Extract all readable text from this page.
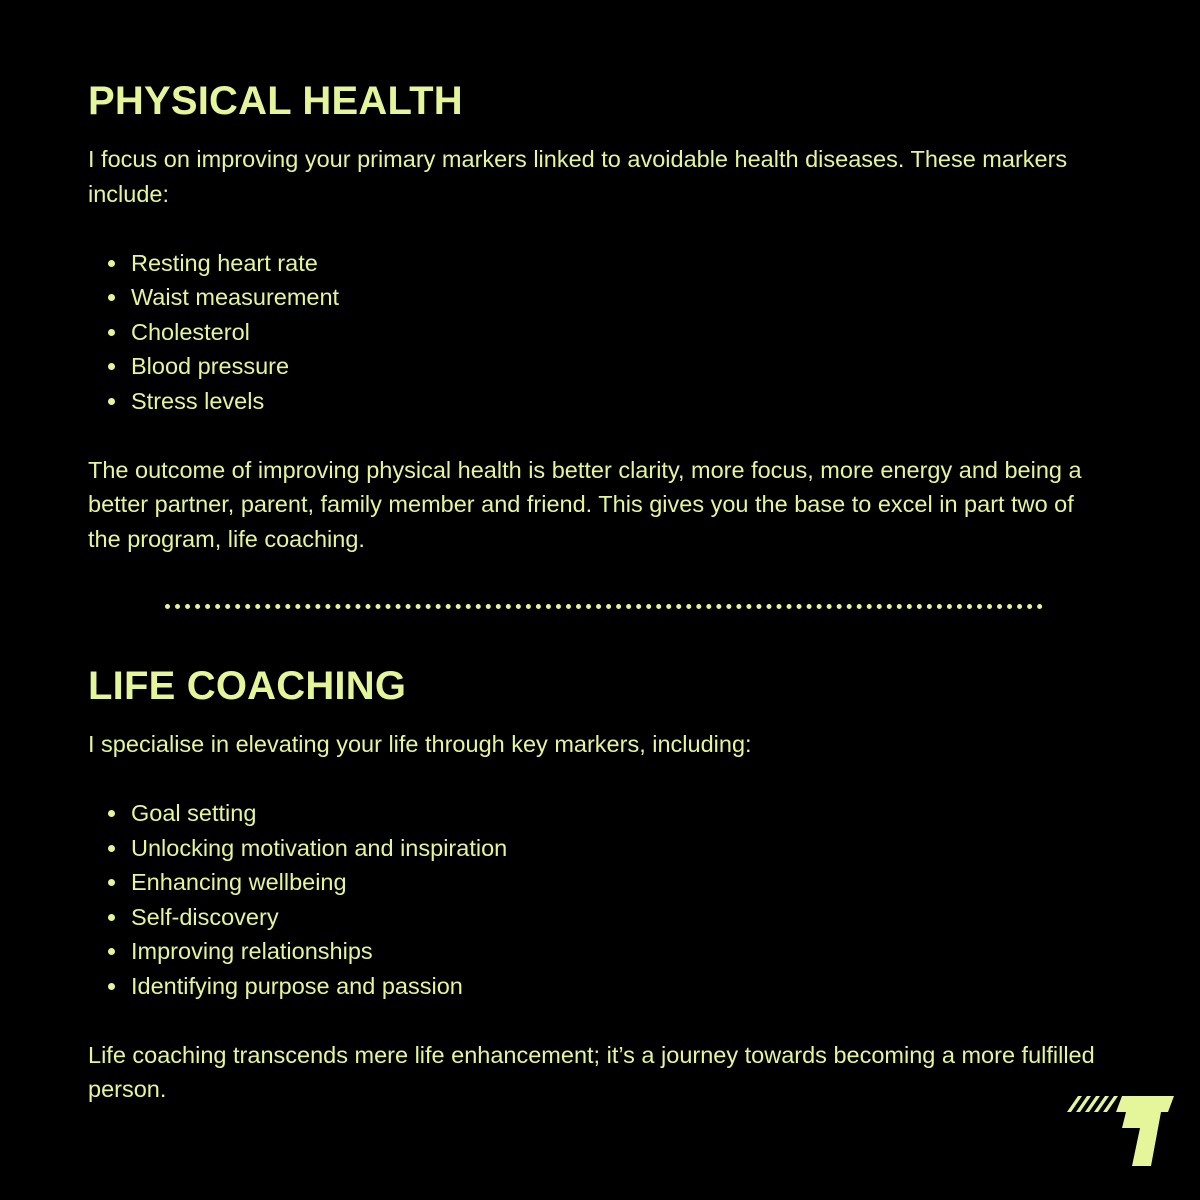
PHYSICAL HEALTH

I focus on improving your primary markers linked to avoidable health diseases. These markers include:

Resting heart rate
Waist measurement
Cholesterol
Blood pressure
Stress levels

The outcome of improving physical health is better clarity, more focus, more energy and being a better partner, parent, family member and friend. This gives you the base to excel in part two of the program, life coaching.

LIFE COACHING

I specialise in elevating your life through key markers, including:

Goal setting
Unlocking motivation and inspiration
Enhancing wellbeing
Self-discovery
Improving relationships
Identifying purpose and passion

Life coaching transcends mere life enhancement; it’s a journey towards becoming a more fulfilled person.
